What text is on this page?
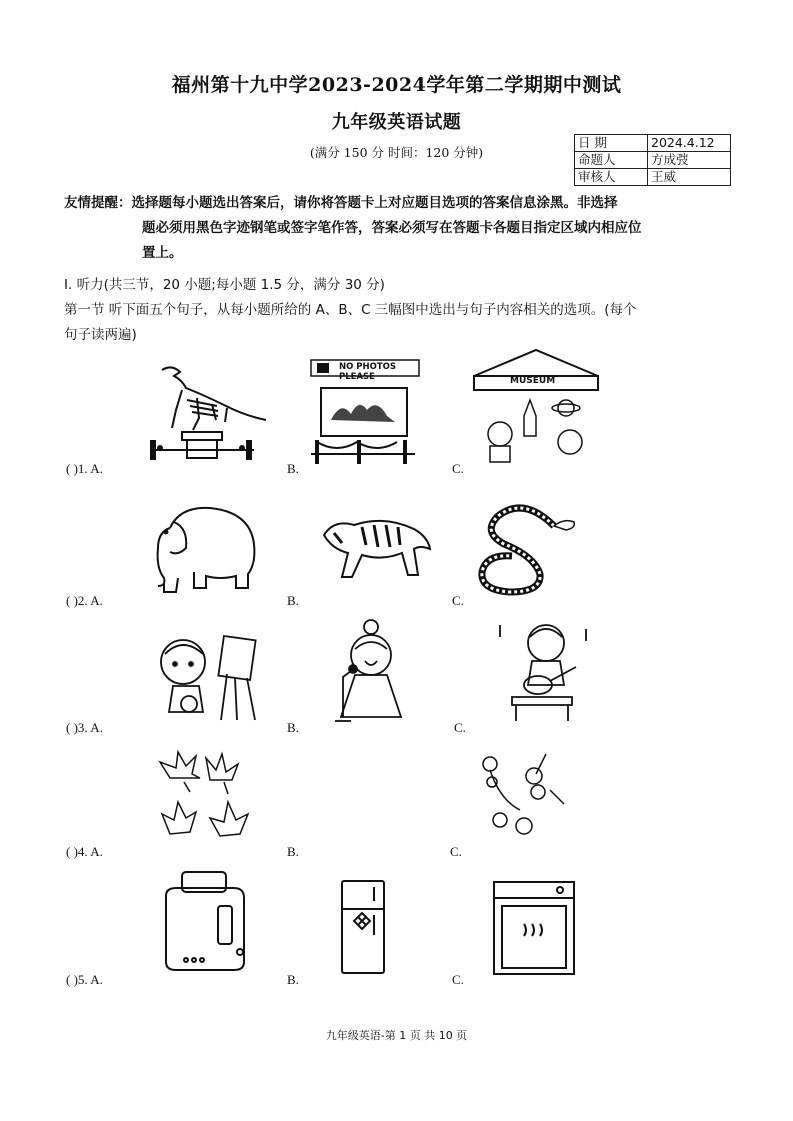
福州第十九中学2023-2024学年第二学期期中测试
九年级英语试题
(满分 150 分 时间：120 分钟)
日 期	2024.4.12
命题人	方成弢
审核人	王威
友情提醒：选择题每小题选出答案后，请你将答题卡上对应题目选项的答案信息涂黑。非选择
题必须用黑色字迹钢笔或签字笔作答，答案必须写在答题卡各题目指定区域内相应位
置上。
Ⅰ. 听力(共三节，20 小题;每小题 1.5 分，满分 30 分)
第一节 听下面五个句子，从每小题所给的 A、B、C 三幅图中选出与句子内容相关的选项。(每个
句子读两遍)
( )1. A.	B.	C.
( )2. A.	B.	C.
( )3. A.	B.	C.
( )4. A.	B.	C.
( )5. A.	B.	C.
NO PHOTOS PLEASE	MUSEUM
九年级英语-第 1 页 共 10 页
